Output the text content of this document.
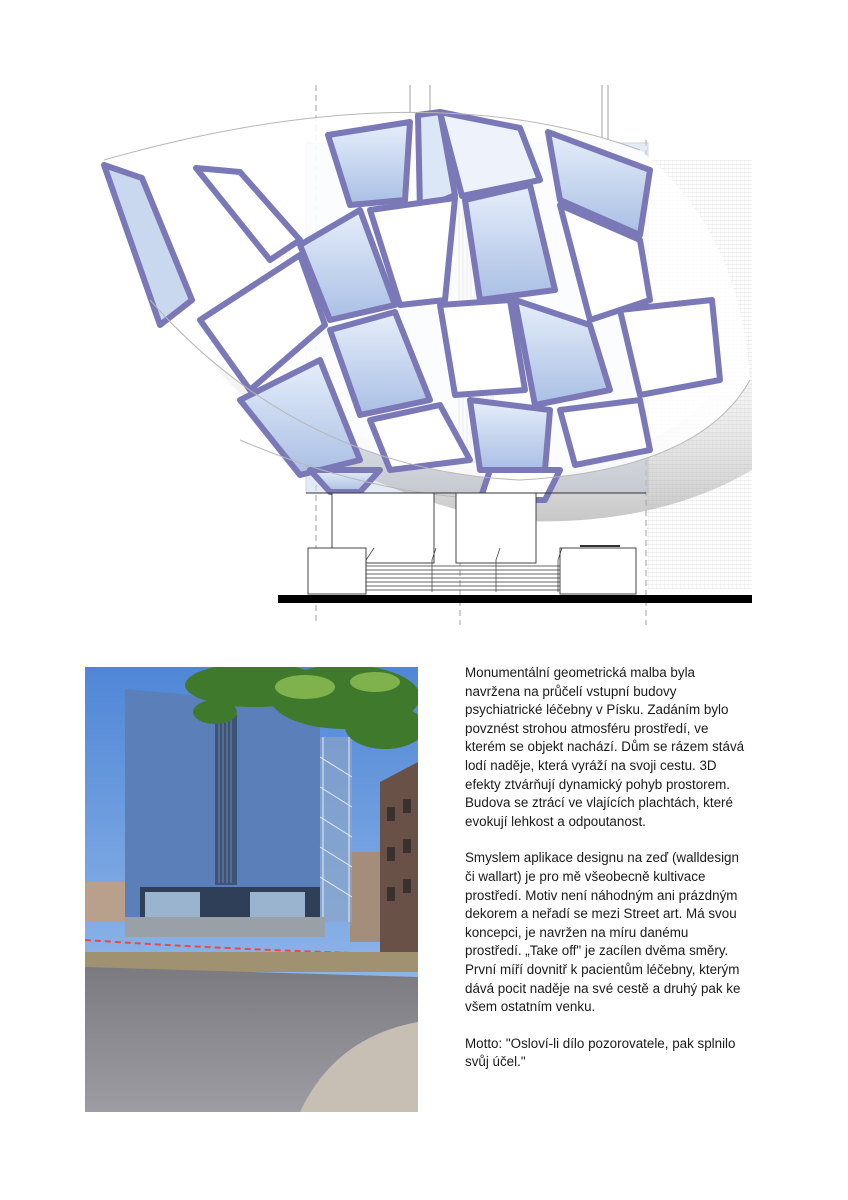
Monumentální geometrická malba byla navržena na průčelí vstupní budovy psychiatrické léčebny v Písku. Zadáním bylo povznést strohou atmosféru prostředí, ve kterém se objekt nachází. Dům se rázem stává lodí naděje, která vyráží na svoji cestu. 3D efekty ztvárňují dynamický pohyb prostorem. Budova se ztrácí ve vlajících plachtách, které evokují lehkost a odpoutanost.

Smyslem aplikace designu na zeď (walldesign či wallart) je pro mě všeobecně kultivace prostředí. Motiv není náhodným ani prázdným dekorem a neřadí se mezi Street art. Má svou koncepci, je navržen na míru danému prostředí. „Take off" je zacílen dvěma směry. První míří dovnitř k pacientům léčebny, kterým dává pocit naděje na své cestě a druhý pak ke všem ostatním venku.

Motto: "Osloví-li dílo pozorovatele, pak splnilo svůj účel."
